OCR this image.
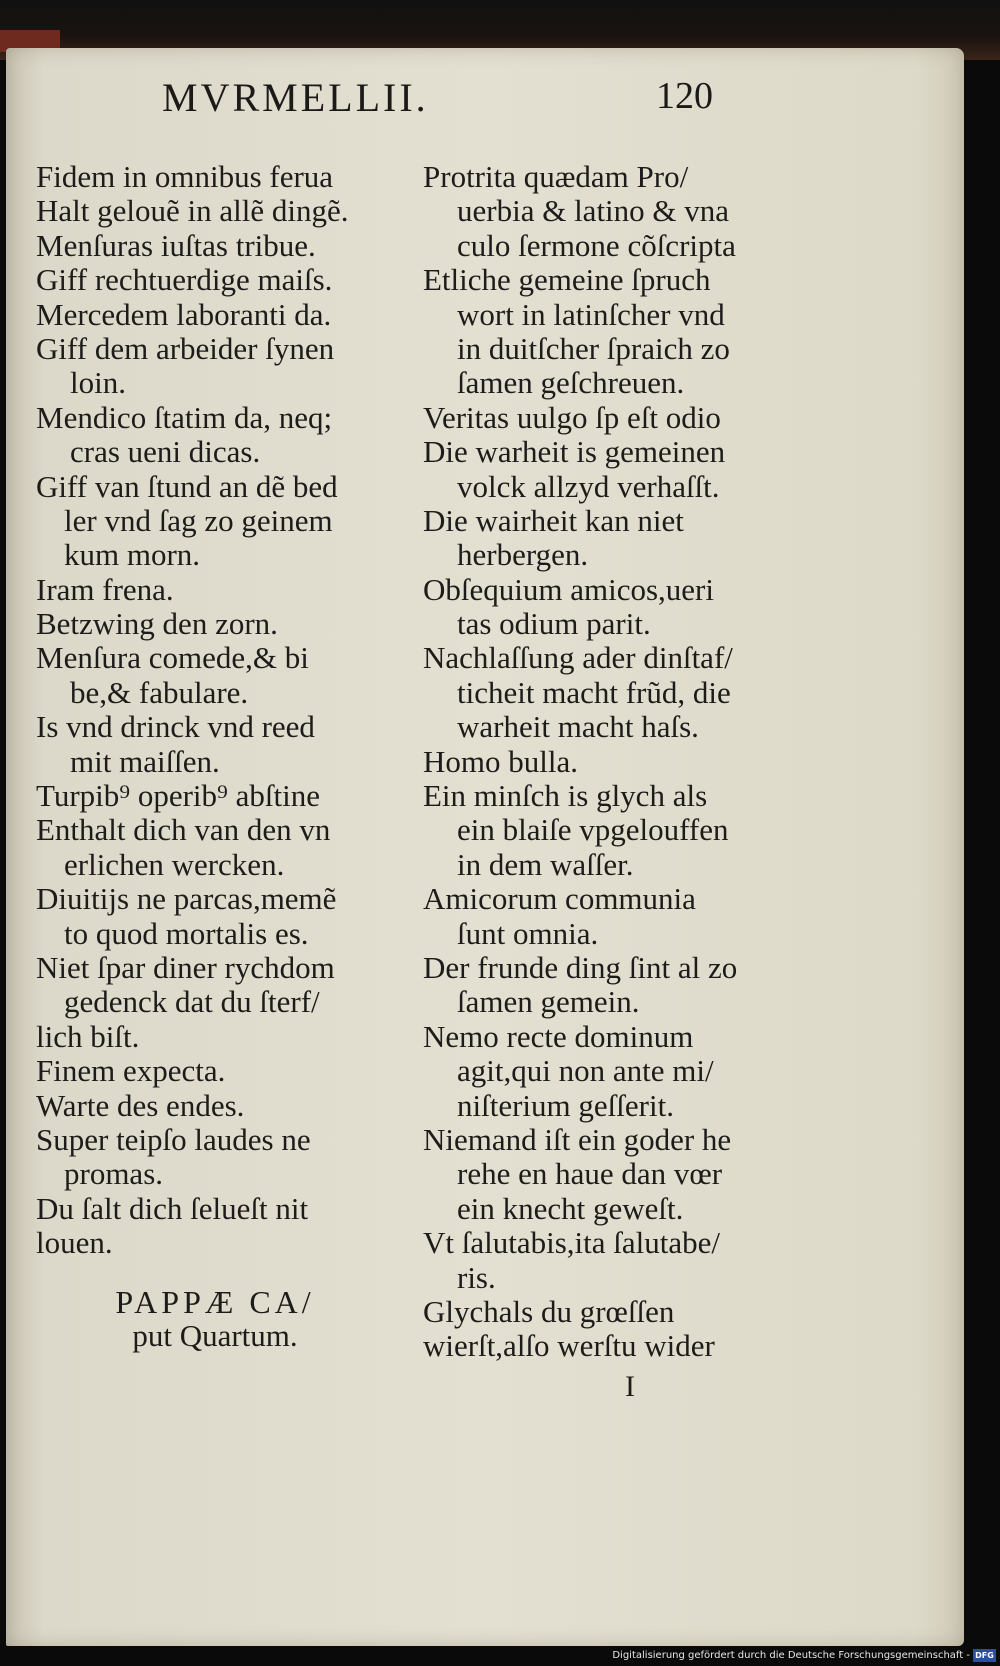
MVRMELLII.	120
Fidem in omnibus ferua
Halt gelouẽ in allẽ dingẽ.
Menſuras iuſtas tribue.
Giff rechtuerdige maiſs.
Mercedem laboranti da.
Giff dem arbeider ſynen
loin.
Mendico ſtatim da, neq;
cras ueni dicas.
Giff van ſtund an dẽ bed
ler vnd ſag zo geinem
kum morn.
Iram frena.
Betzwing den zorn.
Menſura comede,& bi
be,& fabulare.
Is vnd drinck vnd reed
mit maiſſen.
Turpib⁹ operib⁹ abſtine
Enthalt dich van den vn
erlichen wercken.
Diuitijs ne parcas,memẽ
to quod mortalis es.
Niet ſpar diner rychdom
gedenck dat du ſterf/
lich biſt.
Finem expecta.
Warte des endes.
Super teipſo laudes ne
promas.
Du ſalt dich ſelueſt nit
louen.
PAPPÆ CA/
put Quartum.
Protrita quædam Pro/
uerbia & latino & vna
culo ſermone cõſcripta
Etliche gemeine ſpruch
wort in latinſcher vnd
in duitſcher ſpraich zo
ſamen geſchreuen.
Veritas uulgo ſp eſt odio
Die warheit is gemeinen
volck allzyd verhaſſt.
Die wairheit kan niet
herbergen.
Obſequium amicos,ueri
tas odium parit.
Nachlaſſung ader dinſtaf/
ticheit macht frũd, die
warheit macht haſs.
Homo bulla.
Ein minſch is glych als
ein blaiſe vpgelouffen
in dem waſſer.
Amicorum communia
ſunt omnia.
Der frunde ding ſint al zo
ſamen gemein.
Nemo recte dominum
agit,qui non ante mi/
niſterium geſſerit.
Niemand iſt ein goder he
rehe en haue dan vœr
ein knecht geweſt.
Vt ſalutabis,ita ſalutabe/
ris.
Glychals du grœſſen
wierſt,alſo werſtu wider
I
Digitalisierung gefördert durch die Deutsche Forschungsgemeinschaft - DFG
